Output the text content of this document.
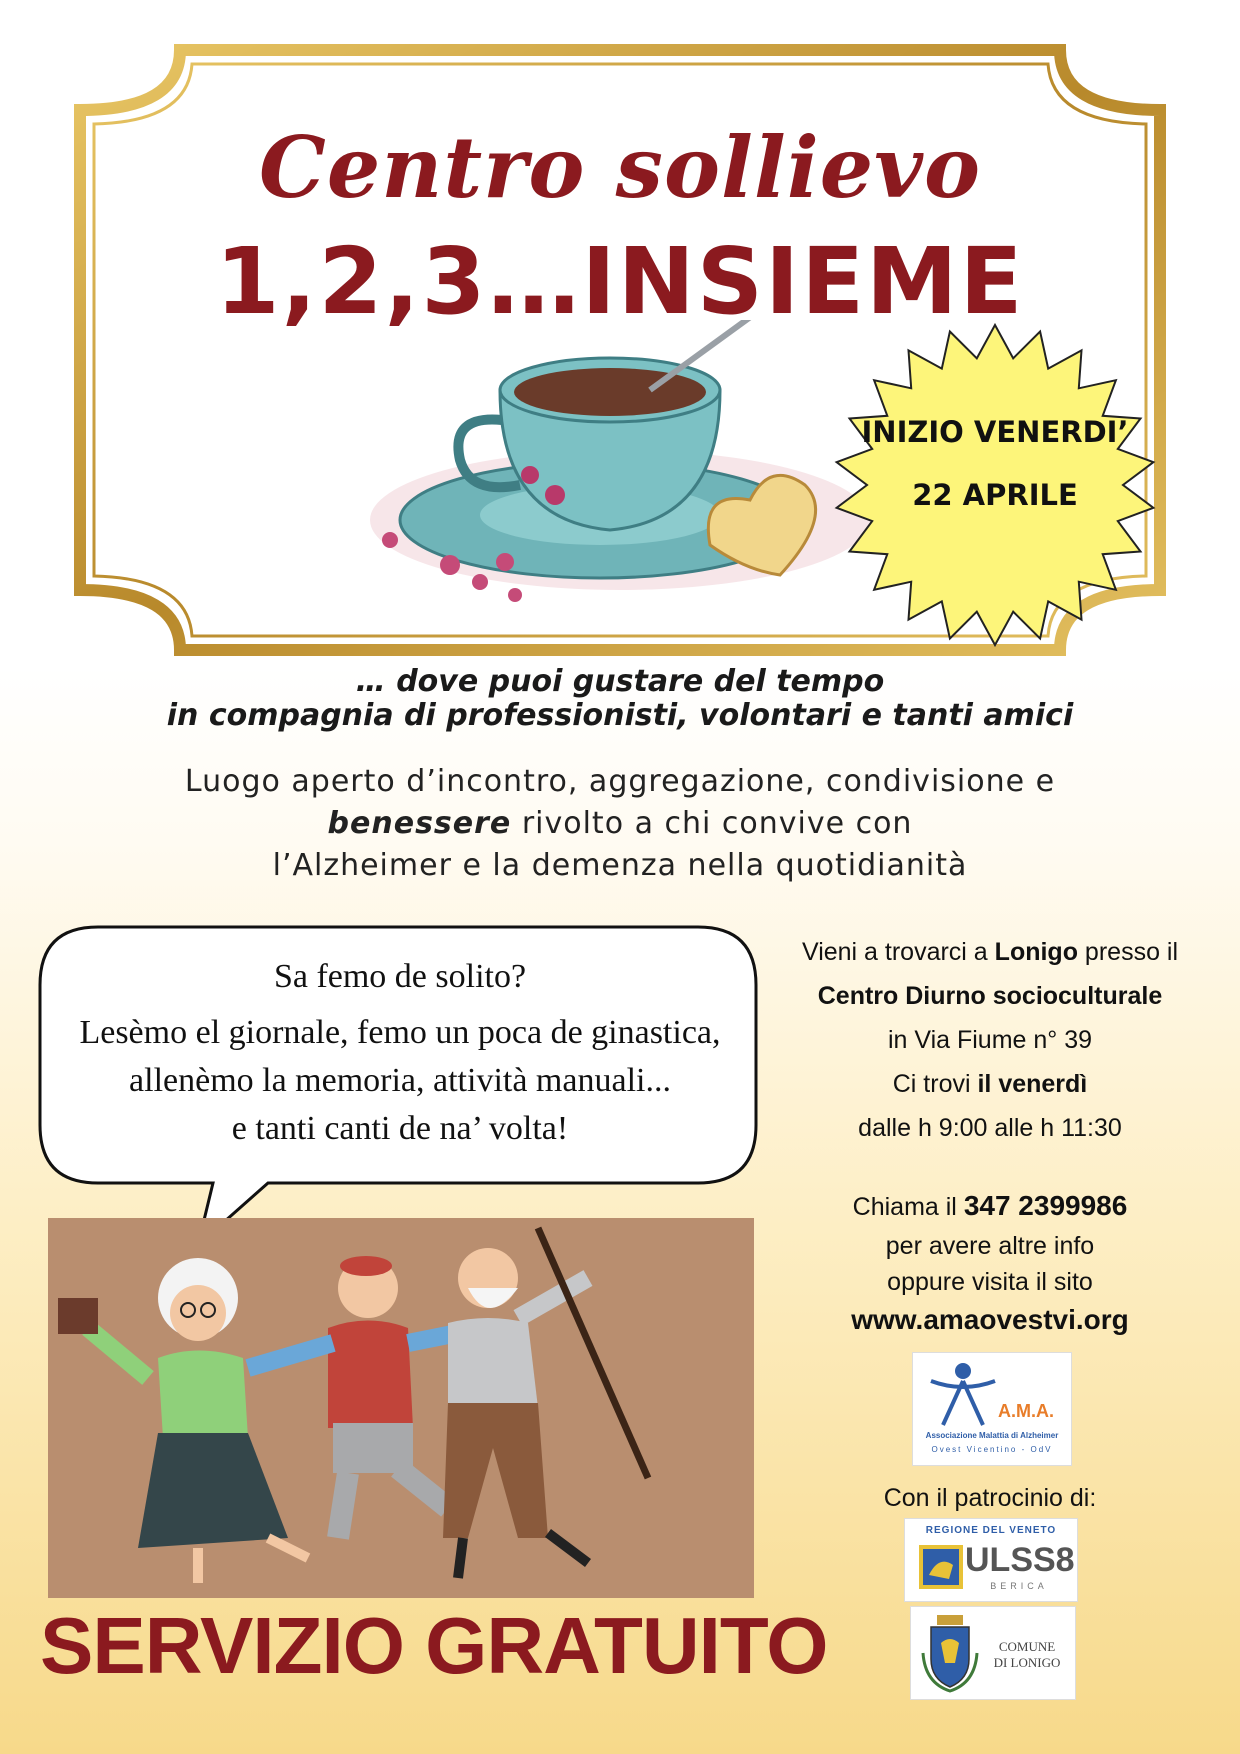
Centro sollievo
1,2,3…INSIEME
INIZIO VENERDI’
22 APRILE
… dove puoi gustare del tempo
in compagnia di professionisti, volontari e tanti amici
Luogo aperto d’incontro, aggregazione, condivisione e
benessere rivolto a chi convive con
l’Alzheimer e la demenza nella quotidianità
Sa femo de solito?
Lesèmo el giornale, femo un poca de ginastica,
allenèmo la memoria, attività manuali...
e tanti canti de na’ volta!
SERVIZIO GRATUITO
Vieni a trovarci a Lonigo presso il
Centro Diurno socioculturale
in Via Fiume n° 39
Ci trovi il venerdì
dalle h 9:00 alle h 11:30
Chiama il 347 2399986
per avere altre info
oppure visita il sito
www.amaovestvi.org
A.M.A.
Associazione Malattia di Alzheimer
Ovest Vicentino - OdV
Con il patrocinio di:
REGIONE DEL VENETO
ULSS8
BERICA
COMUNE
DI LONIGO
